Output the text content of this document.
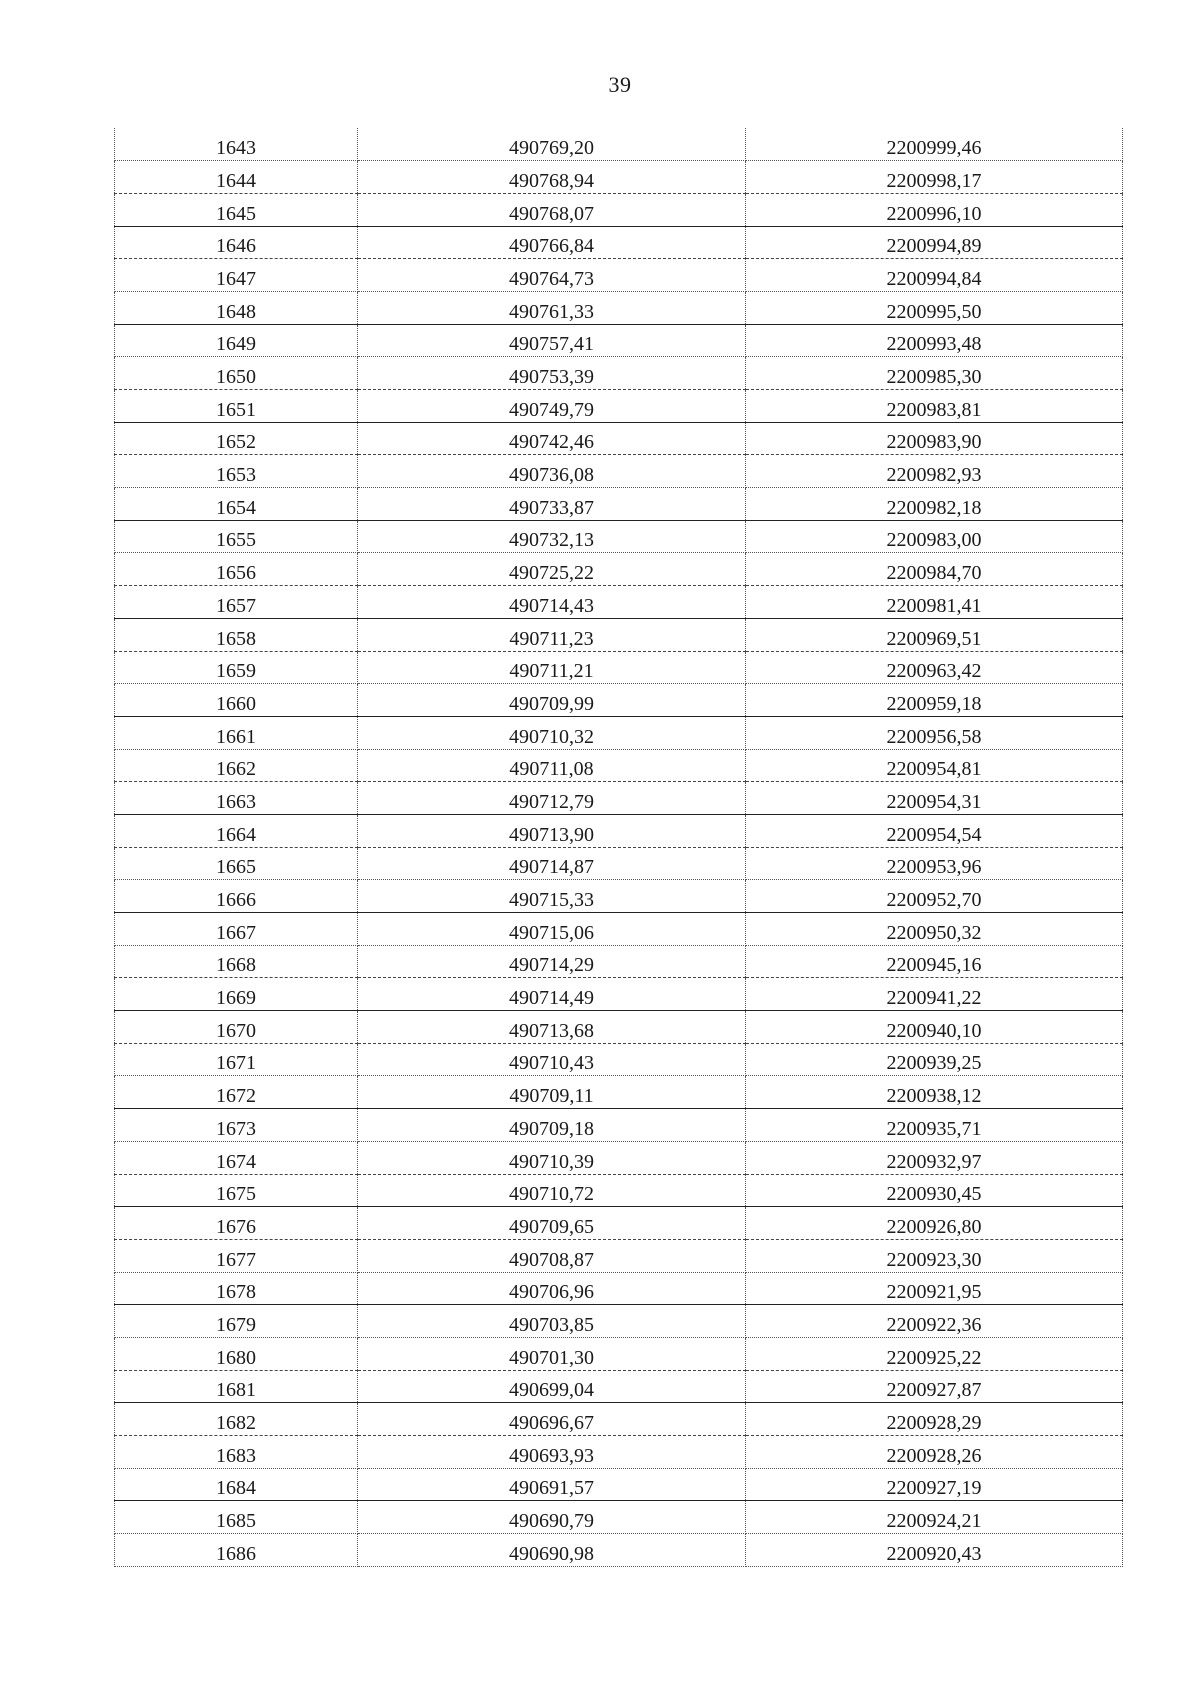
39
1643	490769,20	2200999,46
1644	490768,94	2200998,17
1645	490768,07	2200996,10
1646	490766,84	2200994,89
1647	490764,73	2200994,84
1648	490761,33	2200995,50
1649	490757,41	2200993,48
1650	490753,39	2200985,30
1651	490749,79	2200983,81
1652	490742,46	2200983,90
1653	490736,08	2200982,93
1654	490733,87	2200982,18
1655	490732,13	2200983,00
1656	490725,22	2200984,70
1657	490714,43	2200981,41
1658	490711,23	2200969,51
1659	490711,21	2200963,42
1660	490709,99	2200959,18
1661	490710,32	2200956,58
1662	490711,08	2200954,81
1663	490712,79	2200954,31
1664	490713,90	2200954,54
1665	490714,87	2200953,96
1666	490715,33	2200952,70
1667	490715,06	2200950,32
1668	490714,29	2200945,16
1669	490714,49	2200941,22
1670	490713,68	2200940,10
1671	490710,43	2200939,25
1672	490709,11	2200938,12
1673	490709,18	2200935,71
1674	490710,39	2200932,97
1675	490710,72	2200930,45
1676	490709,65	2200926,80
1677	490708,87	2200923,30
1678	490706,96	2200921,95
1679	490703,85	2200922,36
1680	490701,30	2200925,22
1681	490699,04	2200927,87
1682	490696,67	2200928,29
1683	490693,93	2200928,26
1684	490691,57	2200927,19
1685	490690,79	2200924,21
1686	490690,98	2200920,43
